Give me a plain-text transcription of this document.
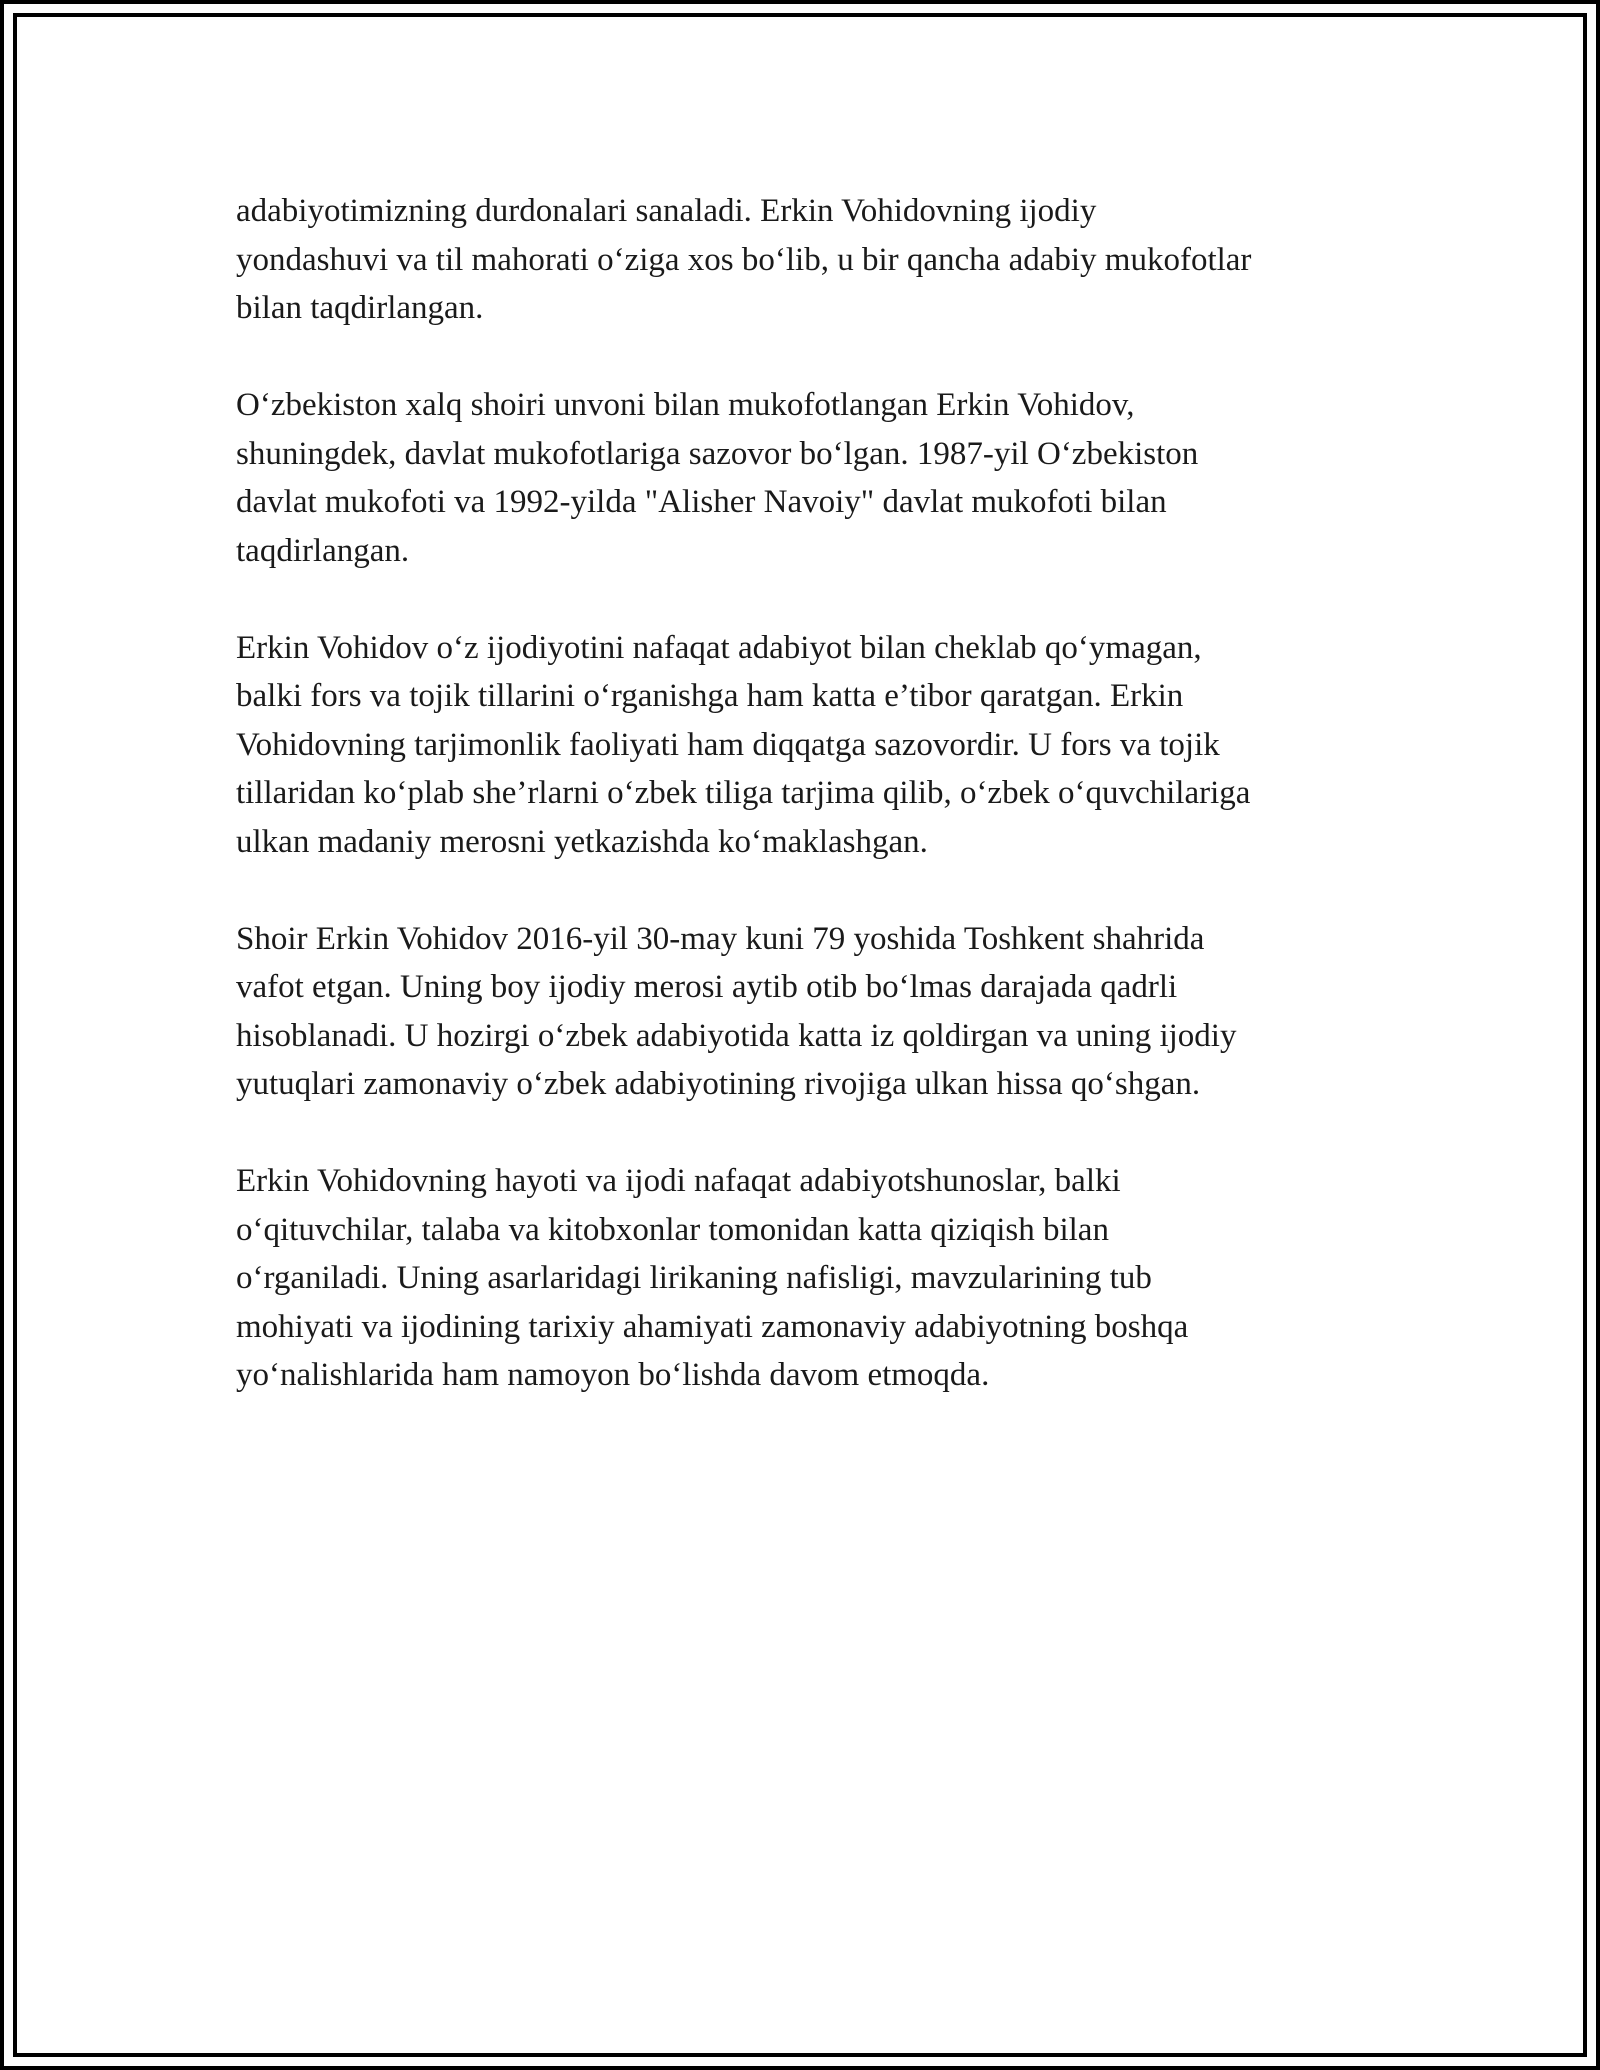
adabiyotimizning durdonalari sanaladi. Erkin Vohidovning ijodiy
yondashuvi va til mahorati o‘ziga xos bo‘lib, u bir qancha adabiy mukofotlar
bilan taqdirlangan.

O‘zbekiston xalq shoiri unvoni bilan mukofotlangan Erkin Vohidov,
shuningdek, davlat mukofotlariga sazovor bo‘lgan. 1987-yil O‘zbekiston
davlat mukofoti va 1992-yilda "Alisher Navoiy" davlat mukofoti bilan
taqdirlangan.

Erkin Vohidov o‘z ijodiyotini nafaqat adabiyot bilan cheklab qo‘ymagan,
balki fors va tojik tillarini o‘rganishga ham katta e’tibor qaratgan. Erkin
Vohidovning tarjimonlik faoliyati ham diqqatga sazovordir. U fors va tojik
tillaridan ko‘plab she’rlarni o‘zbek tiliga tarjima qilib, o‘zbek o‘quvchilariga
ulkan madaniy merosni yetkazishda ko‘maklashgan.

Shoir Erkin Vohidov 2016-yil 30-may kuni 79 yoshida Toshkent shahrida
vafot etgan. Uning boy ijodiy merosi aytib otib bo‘lmas darajada qadrli
hisoblanadi. U hozirgi o‘zbek adabiyotida katta iz qoldirgan va uning ijodiy
yutuqlari zamonaviy o‘zbek adabiyotining rivojiga ulkan hissa qo‘shgan.

Erkin Vohidovning hayoti va ijodi nafaqat adabiyotshunoslar, balki
o‘qituvchilar, talaba va kitobxonlar tomonidan katta qiziqish bilan
o‘rganiladi. Uning asarlaridagi lirikaning nafisligi, mavzularining tub
mohiyati va ijodining tarixiy ahamiyati zamonaviy adabiyotning boshqa
yo‘nalishlarida ham namoyon bo‘lishda davom etmoqda.
